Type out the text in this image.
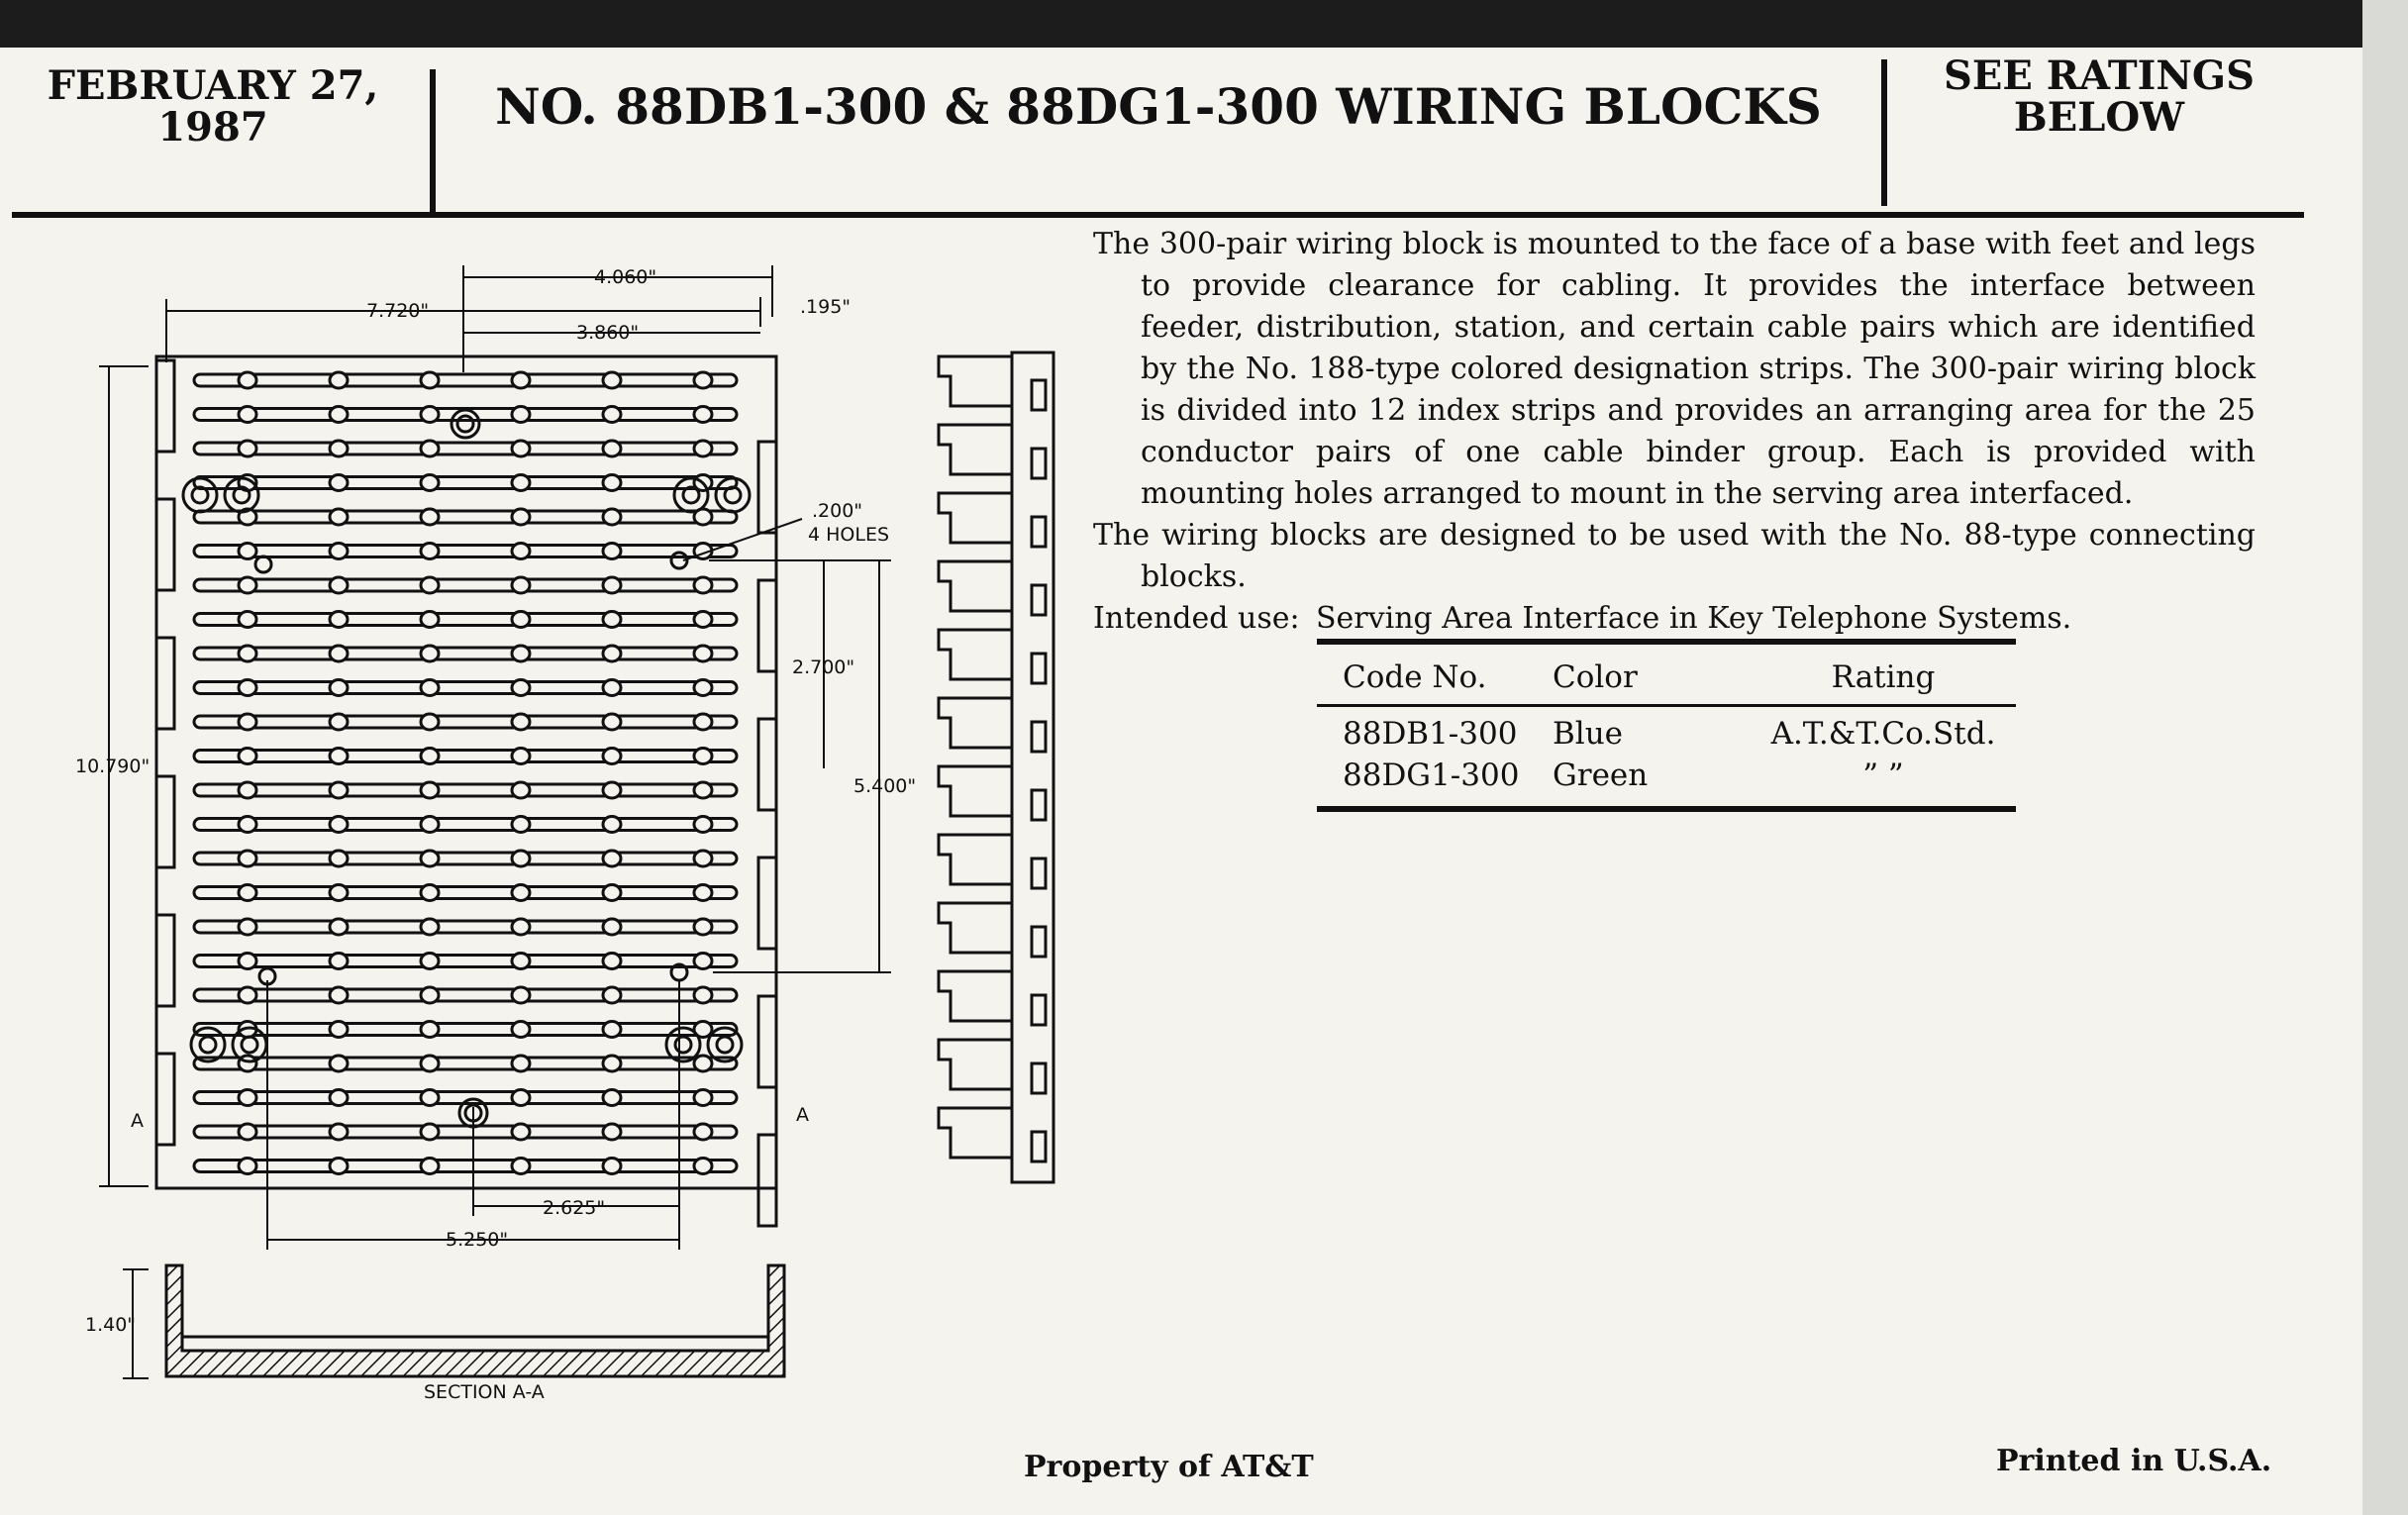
FEBRUARY 27, 1987	NO. 88DB1-300 & 88DG1-300 WIRING BLOCKS
SEE RATINGS BELOW

The 300-pair wiring block is mounted to the face of a base with feet and legs to provide clearance for cabling. It provides the interface between feeder, distribution, station, and certain cable pairs which are identified by the No. 188-type colored designation strips. The 300-pair wiring block is divided into 12 index strips and provides an arranging area for the 25 conductor pairs of one cable binder group. Each is provided with mounting holes arranged to mount in the serving area interfaced.

The wiring blocks are designed to be used with the No. 88-type connecting blocks.

Intended use: Serving Area Interface in Key Telephone Systems.
Code No.	Color	Rating
88DB1-300	Blue	A.T.&T.Co.Std.
88DG1-300	Green	” ”
4.060"
7.720"
3.860"
.195"
.200"
4 HOLES
2.700"
10.790"
5.400"
2.625"
5.250"
1.40"
A	A
SECTION A-A
Property of AT&T	Printed in U.S.A.
